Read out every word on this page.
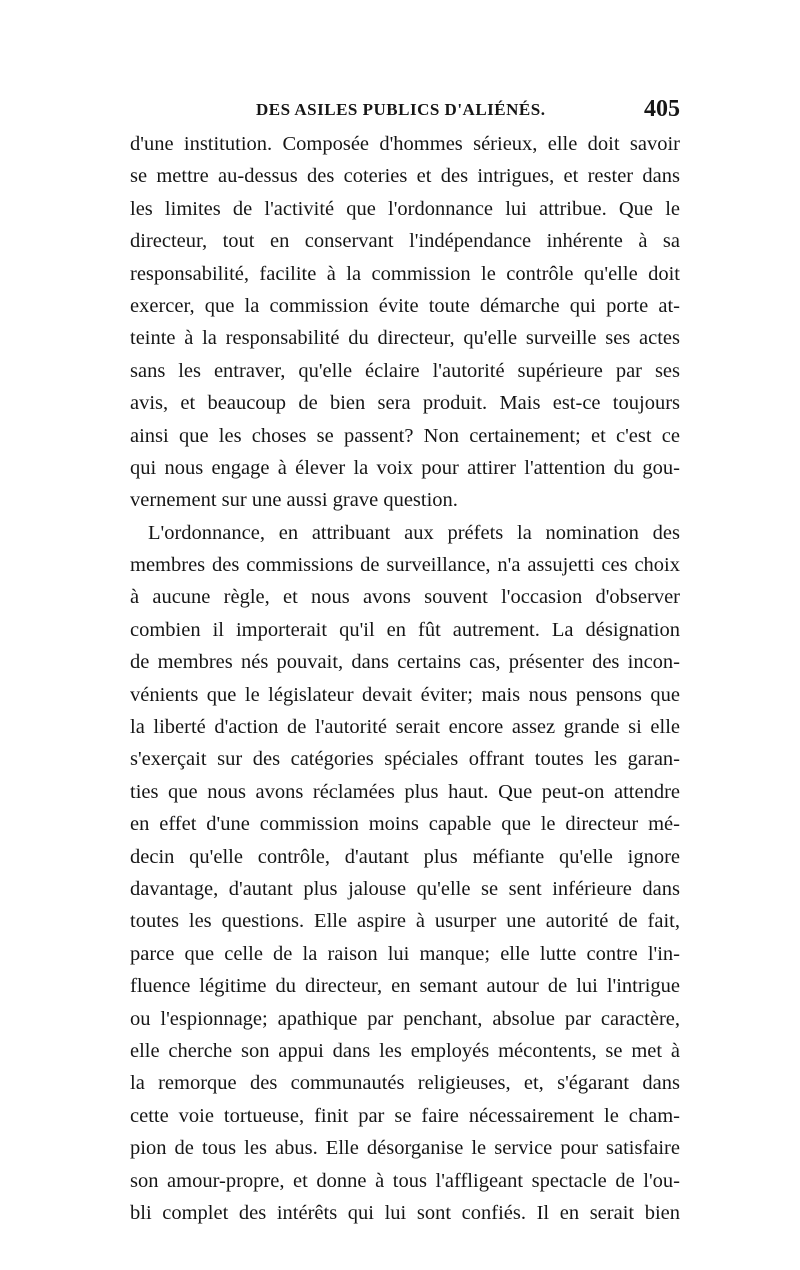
DES ASILES PUBLICS D'ALIÉNÉS.	405
d'une institution. Composée d'hommes sérieux, elle doit savoir
se mettre au-dessus des coteries et des intrigues, et rester dans
les limites de l'activité que l'ordonnance lui attribue. Que le
directeur, tout en conservant l'indépendance inhérente à sa
responsabilité, facilite à la commission le contrôle qu'elle doit
exercer, que la commission évite toute démarche qui porte at-
teinte à la responsabilité du directeur, qu'elle surveille ses actes
sans les entraver, qu'elle éclaire l'autorité supérieure par ses
avis, et beaucoup de bien sera produit. Mais est-ce toujours
ainsi que les choses se passent? Non certainement; et c'est ce
qui nous engage à élever la voix pour attirer l'attention du gou-
vernement sur une aussi grave question.
L'ordonnance, en attribuant aux préfets la nomination des
membres des commissions de surveillance, n'a assujetti ces choix
à aucune règle, et nous avons souvent l'occasion d'observer
combien il importerait qu'il en fût autrement. La désignation
de membres nés pouvait, dans certains cas, présenter des incon-
vénients que le législateur devait éviter; mais nous pensons que
la liberté d'action de l'autorité serait encore assez grande si elle
s'exerçait sur des catégories spéciales offrant toutes les garan-
ties que nous avons réclamées plus haut. Que peut-on attendre
en effet d'une commission moins capable que le directeur mé-
decin qu'elle contrôle, d'autant plus méfiante qu'elle ignore
davantage, d'autant plus jalouse qu'elle se sent inférieure dans
toutes les questions. Elle aspire à usurper une autorité de fait,
parce que celle de la raison lui manque; elle lutte contre l'in-
fluence légitime du directeur, en semant autour de lui l'intrigue
ou l'espionnage; apathique par penchant, absolue par caractère,
elle cherche son appui dans les employés mécontents, se met à
la remorque des communautés religieuses, et, s'égarant dans
cette voie tortueuse, finit par se faire nécessairement le cham-
pion de tous les abus. Elle désorganise le service pour satisfaire
son amour-propre, et donne à tous l'affligeant spectacle de l'ou-
bli complet des intérêts qui lui sont confiés. Il en serait bien
